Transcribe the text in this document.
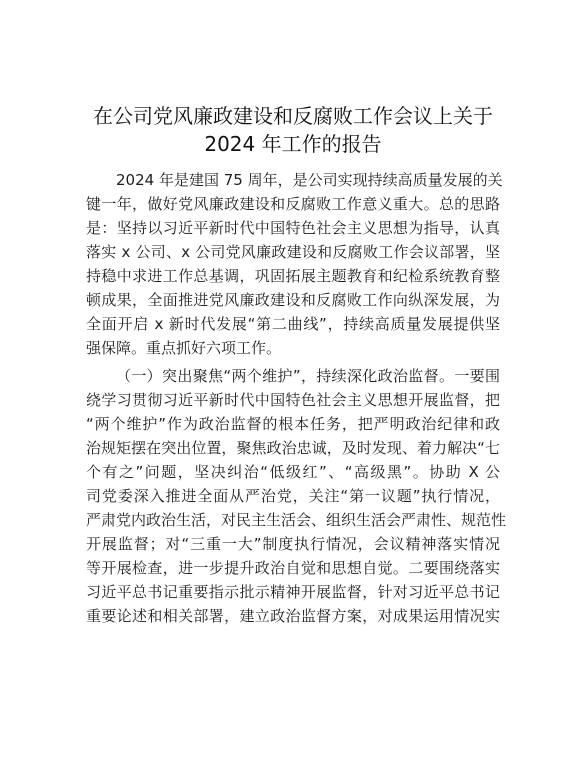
在公司党风廉政建设和反腐败工作会议上关于
2024 年工作的报告
2024 年是建国 75 周年，是公司实现持续高质量发展的关
键一年，做好党风廉政建设和反腐败工作意义重大。总的思路
是：坚持以习近平新时代中国特色社会主义思想为指导，认真
落实 x 公司、x 公司党风廉政建设和反腐败工作会议部署，坚
持稳中求进工作总基调，巩固拓展主题教育和纪检系统教育整
顿成果，全面推进党风廉政建设和反腐败工作向纵深发展，为
全面开启 x 新时代发展“第二曲线”，持续高质量发展提供坚
强保障。重点抓好六项工作。
（一）突出聚焦“两个维护”，持续深化政治监督。一要围
绕学习贯彻习近平新时代中国特色社会主义思想开展监督，把
“两个维护”作为政治监督的根本任务，把严明政治纪律和政
治规矩摆在突出位置，聚焦政治忠诚，及时发现、着力解决“七
个有之”问题，坚决纠治“低级红”、“高级黑”。协助 X 公
司党委深入推进全面从严治党，关注“第一议题”执行情况，
严肃党内政治生活，对民主生活会、组织生活会严肃性、规范性
开展监督；对“三重一大”制度执行情况，会议精神落实情况
等开展检查，进一步提升政治自觉和思想自觉。二要围绕落实
习近平总书记重要指示批示精神开展监督，针对习近平总书记
重要论述和相关部署，建立政治监督方案，对成果运用情况实
